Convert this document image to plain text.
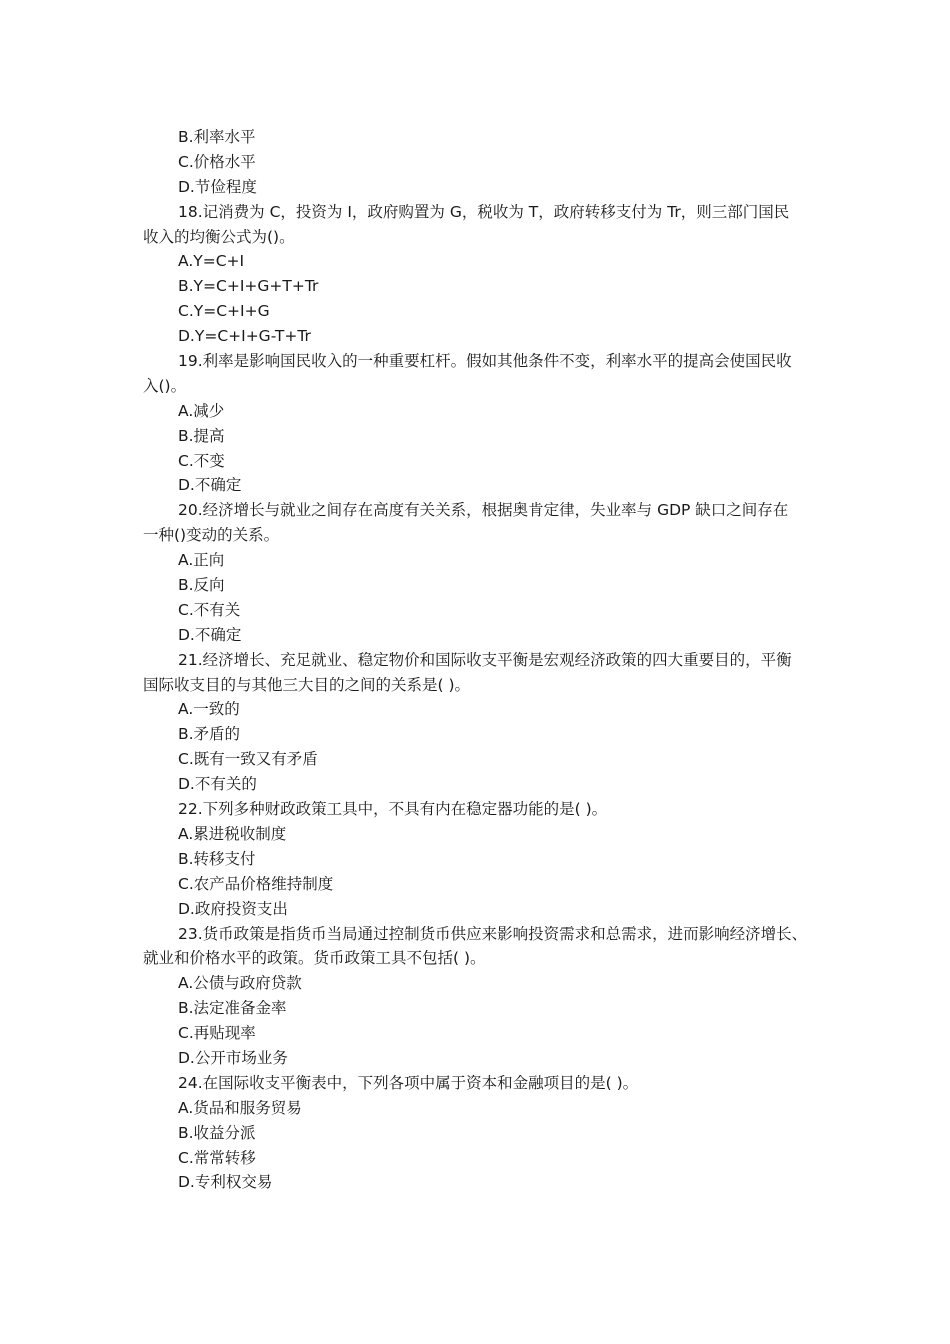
B.利率水平
C.价格水平
D.节俭程度
18.记消费为 C，投资为 I，政府购置为 G，税收为 T，政府转移支付为 Tr，则三部门国民
收入的均衡公式为()。
A.Y=C+I
B.Y=C+I+G+T+Tr
C.Y=C+I+G
D.Y=C+I+G-T+Tr
19.利率是影响国民收入的一种重要杠杆。假如其他条件不变，利率水平的提高会使国民收
入()。
A.减少
B.提高
C.不变
D.不确定
20.经济增长与就业之间存在高度有关关系，根据奥肯定律，失业率与 GDP 缺口之间存在
一种()变动的关系。
A.正向
B.反向
C.不有关
D.不确定
21.经济增长、充足就业、稳定物价和国际收支平衡是宏观经济政策的四大重要目的，平衡
国际收支目的与其他三大目的之间的关系是( )。
A.一致的
B.矛盾的
C.既有一致又有矛盾
D.不有关的
22.下列多种财政政策工具中，不具有内在稳定器功能的是( )。
A.累进税收制度
B.转移支付
C.农产品价格维持制度
D.政府投资支出
23.货币政策是指货币当局通过控制货币供应来影响投资需求和总需求，进而影响经济增长、
就业和价格水平的政策。货币政策工具不包括( )。
A.公债与政府贷款
B.法定准备金率
C.再贴现率
D.公开市场业务
24.在国际收支平衡表中，下列各项中属于资本和金融项目的是( )。
A.货品和服务贸易
B.收益分派
C.常常转移
D.专利权交易
